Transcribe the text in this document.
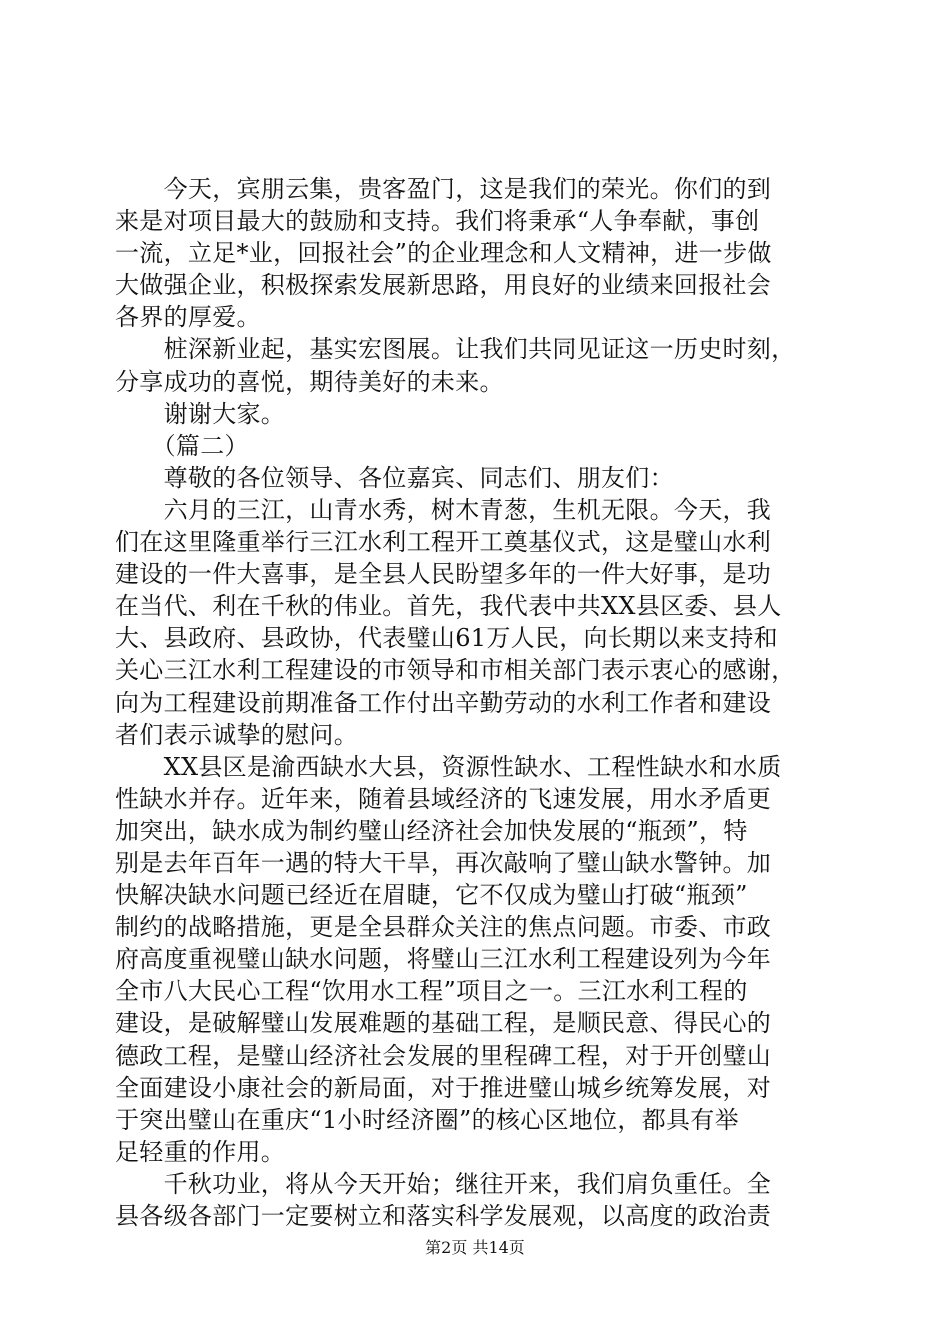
　　今天，宾朋云集，贵客盈门，这是我们的荣光。你们的到
来是对项目最大的鼓励和支持。我们将秉承“人争奉献，事创
一流，立足*业，回报社会”的企业理念和人文精神，进一步做
大做强企业，积极探索发展新思路，用良好的业绩来回报社会
各界的厚爱。
　　桩深新业起，基实宏图展。让我们共同见证这一历史时刻，
分享成功的喜悦，期待美好的未来。
　　谢谢大家。
　　（篇二）
　　尊敬的各位领导、各位嘉宾、同志们、朋友们：
　　六月的三江，山青水秀，树木青葱，生机无限。今天，我
们在这里隆重举行三江水利工程开工奠基仪式，这是璧山水利
建设的一件大喜事，是全县人民盼望多年的一件大好事，是功
在当代、利在千秋的伟业。首先，我代表中共XX县区委、县人
大、县政府、县政协，代表璧山61万人民，向长期以来支持和
关心三江水利工程建设的市领导和市相关部门表示衷心的感谢，
向为工程建设前期准备工作付出辛勤劳动的水利工作者和建设
者们表示诚挚的慰问。
　　XX县区是渝西缺水大县，资源性缺水、工程性缺水和水质
性缺水并存。近年来，随着县域经济的飞速发展，用水矛盾更
加突出，缺水成为制约璧山经济社会加快发展的“瓶颈”，特
别是去年百年一遇的特大干旱，再次敲响了璧山缺水警钟。加
快解决缺水问题已经近在眉睫，它不仅成为璧山打破“瓶颈”
制约的战略措施，更是全县群众关注的焦点问题。市委、市政
府高度重视璧山缺水问题，将璧山三江水利工程建设列为今年
全市八大民心工程“饮用水工程”项目之一。三江水利工程的
建设，是破解璧山发展难题的基础工程，是顺民意、得民心的
德政工程，是璧山经济社会发展的里程碑工程，对于开创璧山
全面建设小康社会的新局面，对于推进璧山城乡统筹发展，对
于突出璧山在重庆“1小时经济圈”的核心区地位，都具有举
足轻重的作用。
　　千秋功业，将从今天开始；继往开来，我们肩负重任。全
县各级各部门一定要树立和落实科学发展观，以高度的政治责
第2页 共14页
